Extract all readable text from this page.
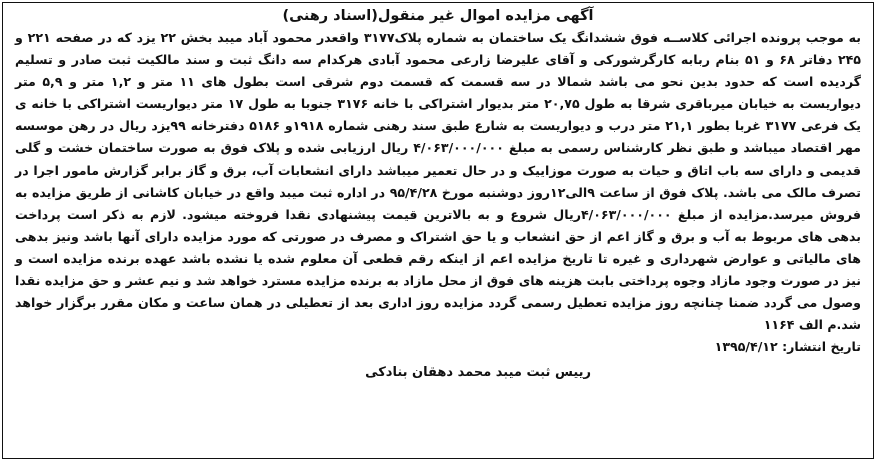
آگهی مزایده اموال غیر منقول(اسناد رهنی)

به موجب پرونده اجرائی کلاســه فوق ششدانگ یک ساختمان به شماره پلاک۳۱۷۷ واقعدر محمود آباد میبد بخش ۲۲ یزد که در صفحه ۲۲۱ و ۲۴۵ دفاتر ۶۸ و ۵۱ بنام ربابه کارگرشورکی و آقای علیرضا زارعی محمود آبادی هرکدام سه دانگ ثبت و سند مالکیت ثبت صادر و تسلیم گردیده است که حدود بدین نحو می باشد شمالا در سه قسمت که قسمت دوم شرقی است بطول های ۱۱ متر و ۱,۲ متر و ۵,۹ متر دیواریست به خیابان میرباقری شرقا به طول ۲۰,۷۵ متر بدیوار اشتراکی با خانه ۳۱۷۶ جنوبا به طول ۱۷ متر دیواریست اشتراکی با خانه ی یک فرعی ۳۱۷۷ غربا بطور ۲۱,۱ متر درب و دیواریست به شارع طبق سند رهنی شماره ۱۹۱۸و ۵۱۸۶ دفترخانه ۹۹یزد ریال در رهن موسسه مهر اقتصاد میباشد و طبق نظر کارشناس رسمی به مبلغ ۴/۰۶۳/۰۰۰/۰۰۰ ریال ارزیابی شده و پلاک فوق به صورت ساختمان خشت و گلی قدیمی و دارای سه باب اتاق و حیات به صورت موزاییک و در حال تعمیر میباشد دارای انشعابات آب، برق و گاز برابر گزارش مامور اجرا در تصرف مالک می باشد. پلاک فوق از ساعت ۹الی۱۲روز دوشنبه مورخ ۹۵/۴/۲۸ در اداره ثبت میبد واقع در خیابان کاشانی از طریق مزایده به فروش میرسد.مزایده از مبلغ ۴/۰۶۳/۰۰۰/۰۰۰ریال شروع و به بالاترین قیمت پیشنهادی نقدا فروخته میشود. لازم به ذکر است پرداخت بدهی های مربوط به آب و برق و گاز اعم از حق انشعاب و یا حق اشتراک و مصرف در صورتی که مورد مزایده دارای آنها باشد ونیز بدهی های مالیاتی و عوارض شهرداری و غیره تا تاریخ مزایده اعم از اینکه رقم قطعی آن معلوم شده یا نشده باشد عهده برنده مزایده است و نیز در صورت وجود مازاد وجوه پرداختی بابت هزینه های فوق از محل مازاد به برنده مزایده مسترد خواهد شد و نیم عشر و حق مزایده نقدا وصول می گردد ضمنا چنانچه روز مزایده تعطیل رسمی گردد مزایده روز اداری بعد از تعطیلی در همان ساعت و مکان مقرر برگزار خواهد شد.م الف ۱۱۶۴

تاریخ انتشار: ۱۳۹۵/۴/۱۲

رییس ثبت میبد محمد دهقان بنادکی
